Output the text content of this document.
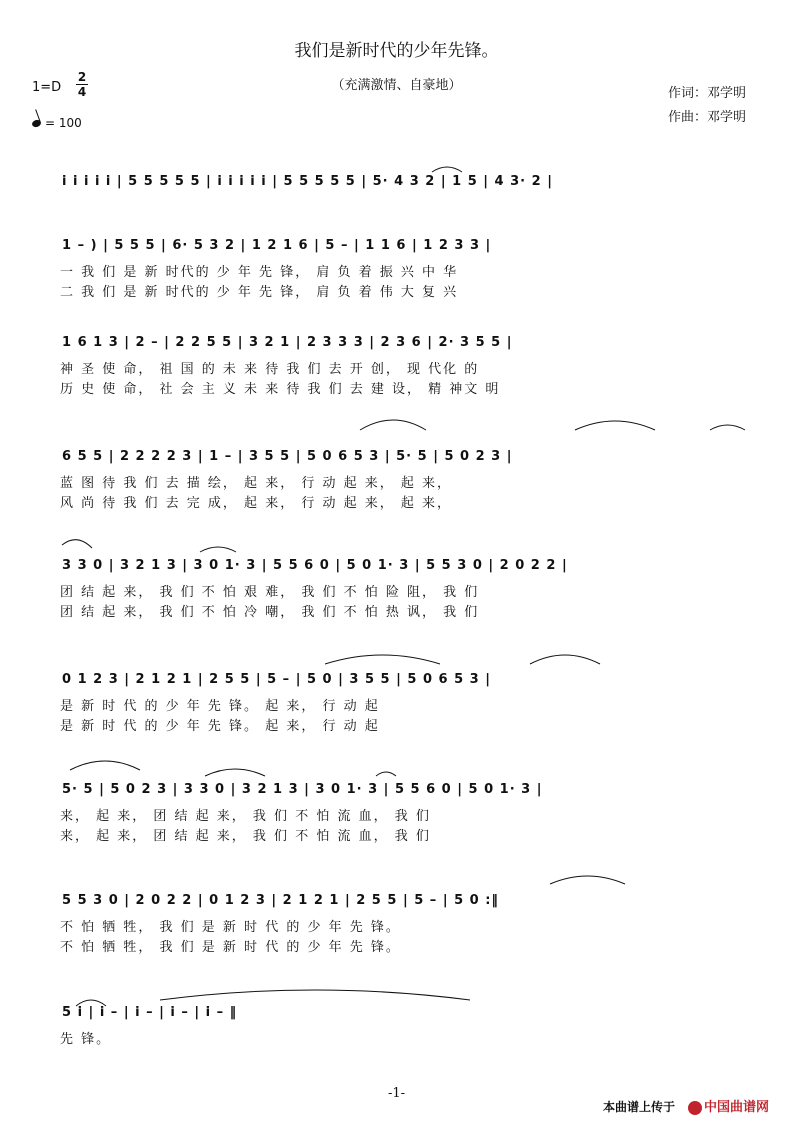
我们是新时代的少年先锋。
（充满激情、自豪地）
1=D
2
4
= 100
作词：邓学明
作曲：邓学明
i i i i i | 5 5 5 5 5 | i i i i i | 5 5 5 5 5 | 5· 4 3 2 | 1 5 | 4 3· 2 |
1 – ) | 5 5 5 | 6· 5 3 2 | 1 2 1 6 | 5 – | 1 1 6 | 1 2 3 3 |
一 我 们 是 新 时代的 少 年 先 锋， 肩 负 着 振 兴 中 华
二 我 们 是 新 时代的 少 年 先 锋， 肩 负 着 伟 大 复 兴
1 6 1 3 | 2 – | 2 2 5 5 | 3 2 1 | 2 3 3 3 | 2 3 6 | 2· 3 5 5 |
神 圣 使 命， 祖 国 的 未 来 待 我 们 去 开 创， 现 代化 的
历 史 使 命， 社 会 主 义 未 来 待 我 们 去 建 设， 精 神文 明
6 5 5 | 2 2 2 2 3 | 1 – | 3 5 5 | 5 0 6 5 3 | 5· 5 | 5 0 2 3 |
蓝 图 待 我 们 去 描 绘， 起 来， 行 动 起 来， 起 来，
风 尚 待 我 们 去 完 成， 起 来， 行 动 起 来， 起 来，
3 3 0 | 3 2 1 3 | 3 0 1· 3 | 5 5 6 0 | 5 0 1· 3 | 5 5 3 0 | 2 0 2 2 |
团 结 起 来， 我 们 不 怕 艰 难， 我 们 不 怕 险 阻， 我 们
团 结 起 来， 我 们 不 怕 冷 嘲， 我 们 不 怕 热 讽， 我 们
0 1 2 3 | 2 1 2 1 | 2 5 5 | 5 – | 5 0 | 3 5 5 | 5 0 6 5 3 |
是 新 时 代 的 少 年 先 锋。 起 来， 行 动 起
是 新 时 代 的 少 年 先 锋。 起 来， 行 动 起
5· 5 | 5 0 2 3 | 3 3 0 | 3 2 1 3 | 3 0 1· 3 | 5 5 6 0 | 5 0 1· 3 |
来， 起 来， 团 结 起 来， 我 们 不 怕 流 血， 我 们
来， 起 来， 团 结 起 来， 我 们 不 怕 流 血， 我 们
5 5 3 0 | 2 0 2 2 | 0 1 2 3 | 2 1 2 1 | 2 5 5 | 5 – | 5 0 :‖
不 怕 牺 牲， 我 们 是 新 时 代 的 少 年 先 锋。
不 怕 牺 牲， 我 们 是 新 时 代 的 少 年 先 锋。
5 i | i – | i – | i – | i – ‖
先 锋。
-1-
本曲谱上传于	中国曲谱网
